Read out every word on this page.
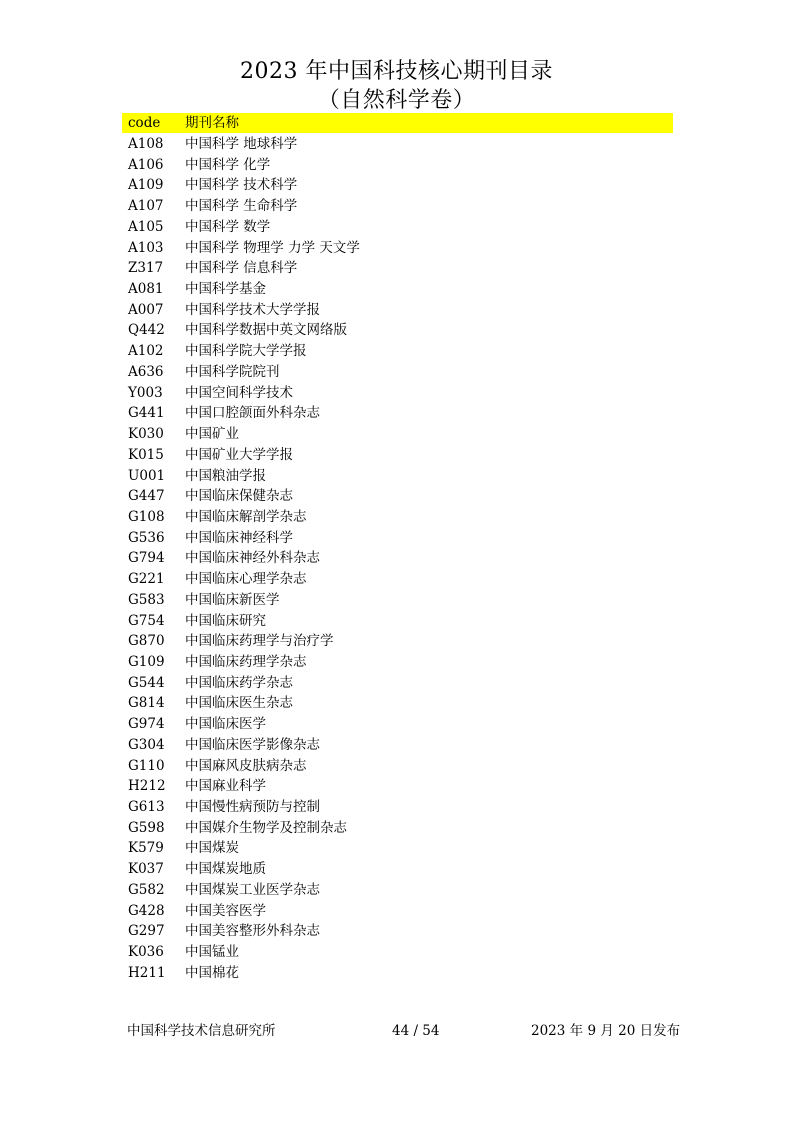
2023 年中国科技核心期刊目录
（自然科学卷）
code 期刊名称
A108 中国科学 地球科学
A106 中国科学 化学
A109 中国科学 技术科学
A107 中国科学 生命科学
A105 中国科学 数学
A103 中国科学 物理学 力学 天文学
Z317 中国科学 信息科学
A081 中国科学基金
A007 中国科学技术大学学报
Q442 中国科学数据中英文网络版
A102 中国科学院大学学报
A636 中国科学院院刊
Y003 中国空间科学技术
G441 中国口腔颌面外科杂志
K030 中国矿业
K015 中国矿业大学学报
U001 中国粮油学报
G447 中国临床保健杂志
G108 中国临床解剖学杂志
G536 中国临床神经科学
G794 中国临床神经外科杂志
G221 中国临床心理学杂志
G583 中国临床新医学
G754 中国临床研究
G870 中国临床药理学与治疗学
G109 中国临床药理学杂志
G544 中国临床药学杂志
G814 中国临床医生杂志
G974 中国临床医学
G304 中国临床医学影像杂志
G110 中国麻风皮肤病杂志
H212 中国麻业科学
G613 中国慢性病预防与控制
G598 中国媒介生物学及控制杂志
K579 中国煤炭
K037 中国煤炭地质
G582 中国煤炭工业医学杂志
G428 中国美容医学
G297 中国美容整形外科杂志
K036 中国锰业
H211 中国棉花
中国科学技术信息研究所	44 / 54	2023 年 9 月 20 日发布
